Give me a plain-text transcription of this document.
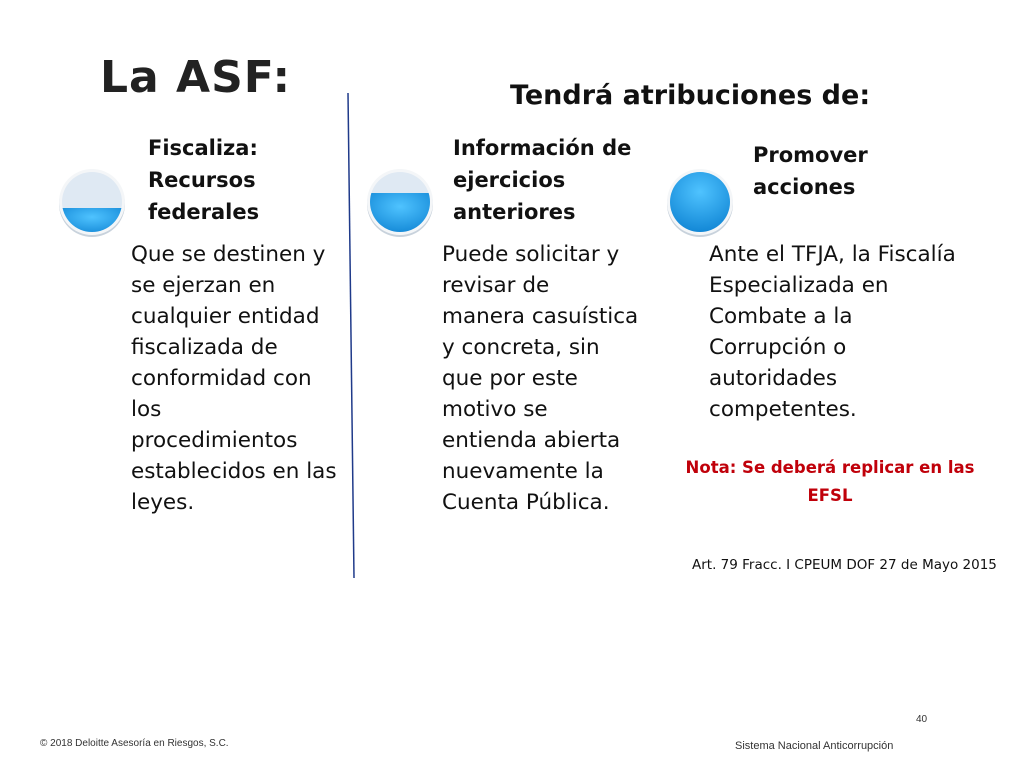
La ASF:	Tendrá atribuciones de:
Fiscaliza:
Recursos
federales
Que se destinen y
se ejerzan en
cualquier entidad
fiscalizada de
conformidad con
los
procedimientos
establecidos en las
leyes.
Información de
ejercicios
anteriores
Puede solicitar y
revisar de
manera casuística
y concreta, sin
que por este
motivo se
entienda abierta
nuevamente la
Cuenta Pública.
Promover
acciones
Ante el TFJA, la Fiscalía
Especializada en
Combate a la
Corrupción o
autoridades
competentes.
Nota: Se deberá replicar en las
EFSL
Art. 79 Fracc. I CPEUM DOF 27 de Mayo 2015
40
© 2018 Deloitte Asesoría en Riesgos, S.C.	Sistema Nacional Anticorrupción
